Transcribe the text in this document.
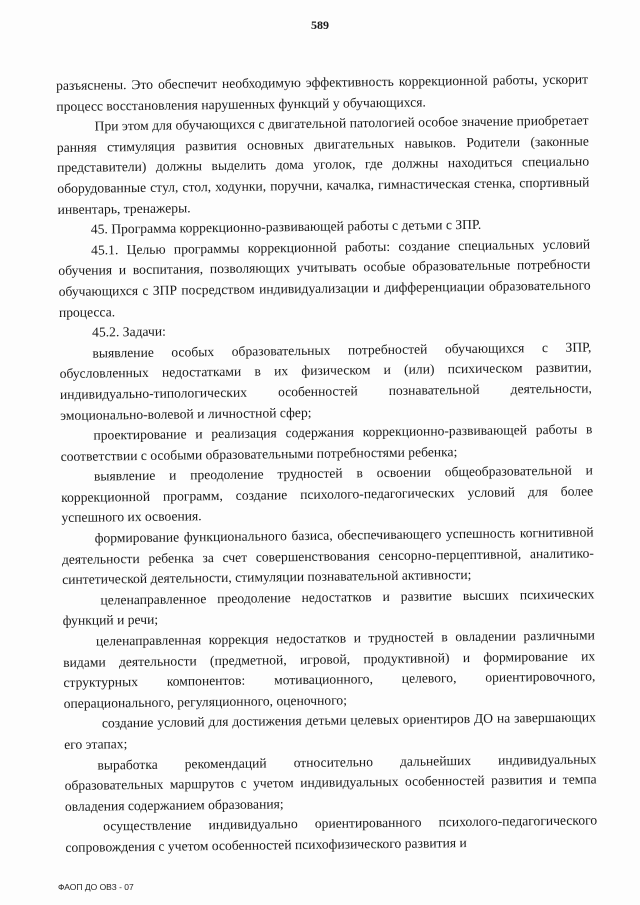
589

разъяснены. Это обеспечит необходимую эффективность коррекционной работы, ускорит процесс восстановления нарушенных функций у обучающихся.

При этом для обучающихся с двигательной патологией особое значение приобретает ранняя стимуляция развития основных двигательных навыков. Родители (законные представители) должны выделить дома уголок, где должны находиться специально оборудованные стул, стол, ходунки, поручни, качалка, гимнастическая стенка, спортивный инвентарь, тренажеры.

45. Программа коррекционно-развивающей работы с детьми с ЗПР.

45.1. Целью программы коррекционной работы: создание специальных условий обучения и воспитания, позволяющих учитывать особые образовательные потребности обучающихся с ЗПР посредством индивидуализации и дифференциации образовательного процесса.

45.2. Задачи:

выявление особых образовательных потребностей обучающихся с ЗПР, обусловленных недостатками в их физическом и (или) психическом развитии, индивидуально-типологических особенностей познавательной деятельности, эмоционально-волевой и личностной сфер;

проектирование и реализация содержания коррекционно-развивающей работы в соответствии с особыми образовательными потребностями ребенка;

выявление и преодоление трудностей в освоении общеобразовательной и коррекционной программ, создание психолого-педагогических условий для более успешного их освоения.

формирование функционального базиса, обеспечивающего успешность когнитивной деятельности ребенка за счет совершенствования сенсорно-перцептивной, аналитико-синтетической деятельности, стимуляции познавательной активности;

целенаправленное преодоление недостатков и развитие высших психических функций и речи;

целенаправленная коррекция недостатков и трудностей в овладении различными видами деятельности (предметной, игровой, продуктивной) и формирование их структурных компонентов: мотивационного, целевого, ориентировочного, операционального, регуляционного, оценочного;

создание условий для достижения детьми целевых ориентиров ДО на завершающих его этапах;

выработка рекомендаций относительно дальнейших индивидуальных образовательных маршрутов с учетом индивидуальных особенностей развития и темпа овладения содержанием образования;

осуществление индивидуально ориентированного психолого-педагогического сопровождения с учетом особенностей психофизического развития и

ФАОП ДО ОВЗ - 07
